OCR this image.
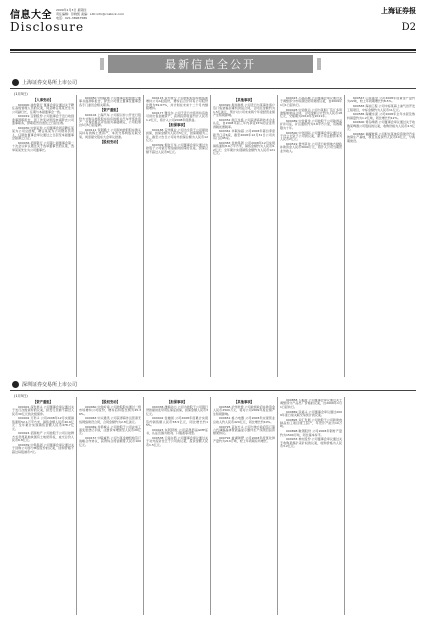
信息大全 2009年1月3日 星期四
责任编辑：彭晓凯 美编：LXC info@cnstock.com
电话：021-38967586
上海证券报
Disclosure	D2
最新信息全公开
上海证券交易所上市公司
(1月5日)

【人事变动】

600000 浦发银行 董事会审议通过关于聘任高级管理人员的议案，同意聘任某某先生为公司副行长，任期与本届董事会一致。

600019 宝钢股份 公司监事会于近日收到监事辞职报告，因工作变动原因申请辞去公司监事职务，辞职报告自送达之日起生效。

600030 中信证券 公司董事会同意聘任某某为公司总经理，聘任某某为公司财务负责人，任期自董事会审议通过之日起至本届董事会届满之日止。

600036 招商银行 公司第七届董事会第二十次会议审议通过关于选举董事长的议案，选举某某先生为公司董事长。

600050 中国联通 公司董事会收到独立董事书面辞职报告，辞去公司独立董事及董事会各专门委员会相关职务。

【资产重组】

600104 上海汽车 公司拟以非公开发行股份方式购买控股股东持有的相关汽车零部件资产，交易价格以评估值为基础确定，公司股票自1月5日起复牌。

600111 包钢稀土 公司拟向控股股东购买其持有的稀土类资产，本次交易构成关联交易，尚需提交股东大会审议批准。

【股权变动】

600115 东方航空 公司控股股东东航集团增持公司A股股份，增持后合计持有公司股份比例为59.67%，并计划在未来十二个月内继续增持。

600177 雅戈尔 公司于近日出售所持有的可供出售金融资产，获得投资收益约计人民币1.2亿元，将计入公司2008年度损益。

【担保事项】

600188 兖州煤业 公司为全资子公司提供担保，担保金额为人民币5亿元，担保期限为三年，截至公告日公司对外担保总额为人民币12亿元。

600309 烟台万华 公司董事会审议通过为控股子公司银行授信提供担保的议案，担保总额不超过人民币8亿元。

【其他事项】

600320 振华港机 公司近日与某海外客户签订集装箱起重机供货合同，合同总金额约为1.5亿美元，预计对公司未来两个年度经营业绩产生积极影响。

600352 浙江龙盛 公司获得高新技术企业认定，自2008年起三年内享受15%的企业所得税优惠税率。

600361 华联综超 公司2008年第四季度新开门店6家，截至2008年12月31日公司共有门店95家。

600383 金地集团 公司2008年12月实现销售面积8.6万平方米，销售金额约为人民币9.2亿元；全年累计实现销售金额约为人民币121亿元。

600415 小商品城 公司董事会审议通过关于调整部分市场商位使用费的议案，自2009年1月1日起执行。

600428 中远航运 公司与某船厂签订多用途船舶建造合同，合同金额合计约为人民币18亿元，交船期为2010年至2011年。

600489 中金黄金 公司控股子公司取得采矿许可证，矿区面积约为3.6平方公里，有效期限为十年。

600500 中化国际 公司董事会审议通过关于设立全资子公司的议案，新公司注册资本为人民币2亿元。

600519 贵州茅台 公司近日收到地方财政补助资金人民币3000万元，将计入公司当期营业外收入。

600547 山东黄金 公司2008年度黄金产量约为22吨，较上年同期增长约8.5%。

600583 海油工程 公司中标某海上油气田开发工程项目，中标金额约为人民币11亿元。

600585 海螺水泥 公司2008年全年水泥及熟料销量约为1.2亿吨，同比增长约12%。

600600 青岛啤酒 公司董事会审议通过关于收购某啤酒公司股权的议案，收购价格为人民币4.5亿元。

600660 福耀玻璃 公司拟在某地投资建设汽车玻璃生产基地，项目总投资约人民币10亿元，分两期建设。

深圳证券交易所上市公司
(1月5日)

【资产重组】

000001 深发展Ａ 公司董事会审议通过关于发行次级债券的议案，拟发行总额不超过人民币30亿元的次级债券。

000002 万科Ａ 公司2008年12月实现销售面积52.1万平方米，销售金额人民币40.6亿元；全年累计实现销售金额人民币478.7亿元。

000024 招商地产 公司控股子公司以挂牌方式竞得某地块国有土地使用权，成交总价人民币6.8亿元。

000039 中集集团 公司董事会审议通过关于回购公司部分B股股份的议案，回购价格不超过每股港币7元。

【股权变动】

000060 中金岭南 公司控股股东通过二级市场增持公司股份，增持后持股比例为45.36%。

000063 中兴通讯 公司获得海外运营商无线网络建设合同，合同金额约为2.8亿美元。

000069 华侨城Ａ 公司控股子公司完成工商变更登记手续，注册资本增加至人民币20亿元。

000157 中联重科 公司与某金融机构签订战略合作协议，获得综合授信额度人民币100亿元。

【担保事项】

000338 潍柴动力 公司为控股子公司银行贷款提供连带责任保证担保，担保金额人民币3亿元。

000402 金融街 公司2008年度累计实现签约销售额人民币58.5亿元，同比增长约15%。

000423 东阿阿胶 公司获得药品GMP证书，认证范围为胶剂、口服液等剂型。

000538 云南白药 公司董事会审议通过关于对外投资设立子公司的议案，投资金额人民币1.5亿元。

【其他事项】

000568 泸州老窖 公司收到政府补助资金人民币2500万元，将对公司2009年度业绩产生积极影响。

000651 格力电器 公司2008年实现营业总收入约人民币420亿元，同比增长约10%。

000725 京东方Ａ 公司与地方政府签订第六代薄膜晶体管液晶显示器件生产线项目投资框架协议。

000792 盐湖钾肥 公司2008年度氯化钾产量约为210万吨，较上年同期有所增长。

000858 五粮液 公司董事会审议通过关于调整部分产品出厂价格的议案，自2009年1月1日起执行。

000869 张裕Ａ 公司董事会审议通过2009年度日常关联交易预计的议案。

000895 双汇发展 公司控股子公司新建肉制品加工项目竣工投产，年设计产能为10万吨。

000898 鞍钢股份 公司2008年钢材产量约为1500万吨，同比基本持平。

000933 神火股份 公司董事会审议通过关于收购某煤矿采矿权的议案，收购价格为人民币3.2亿元。
